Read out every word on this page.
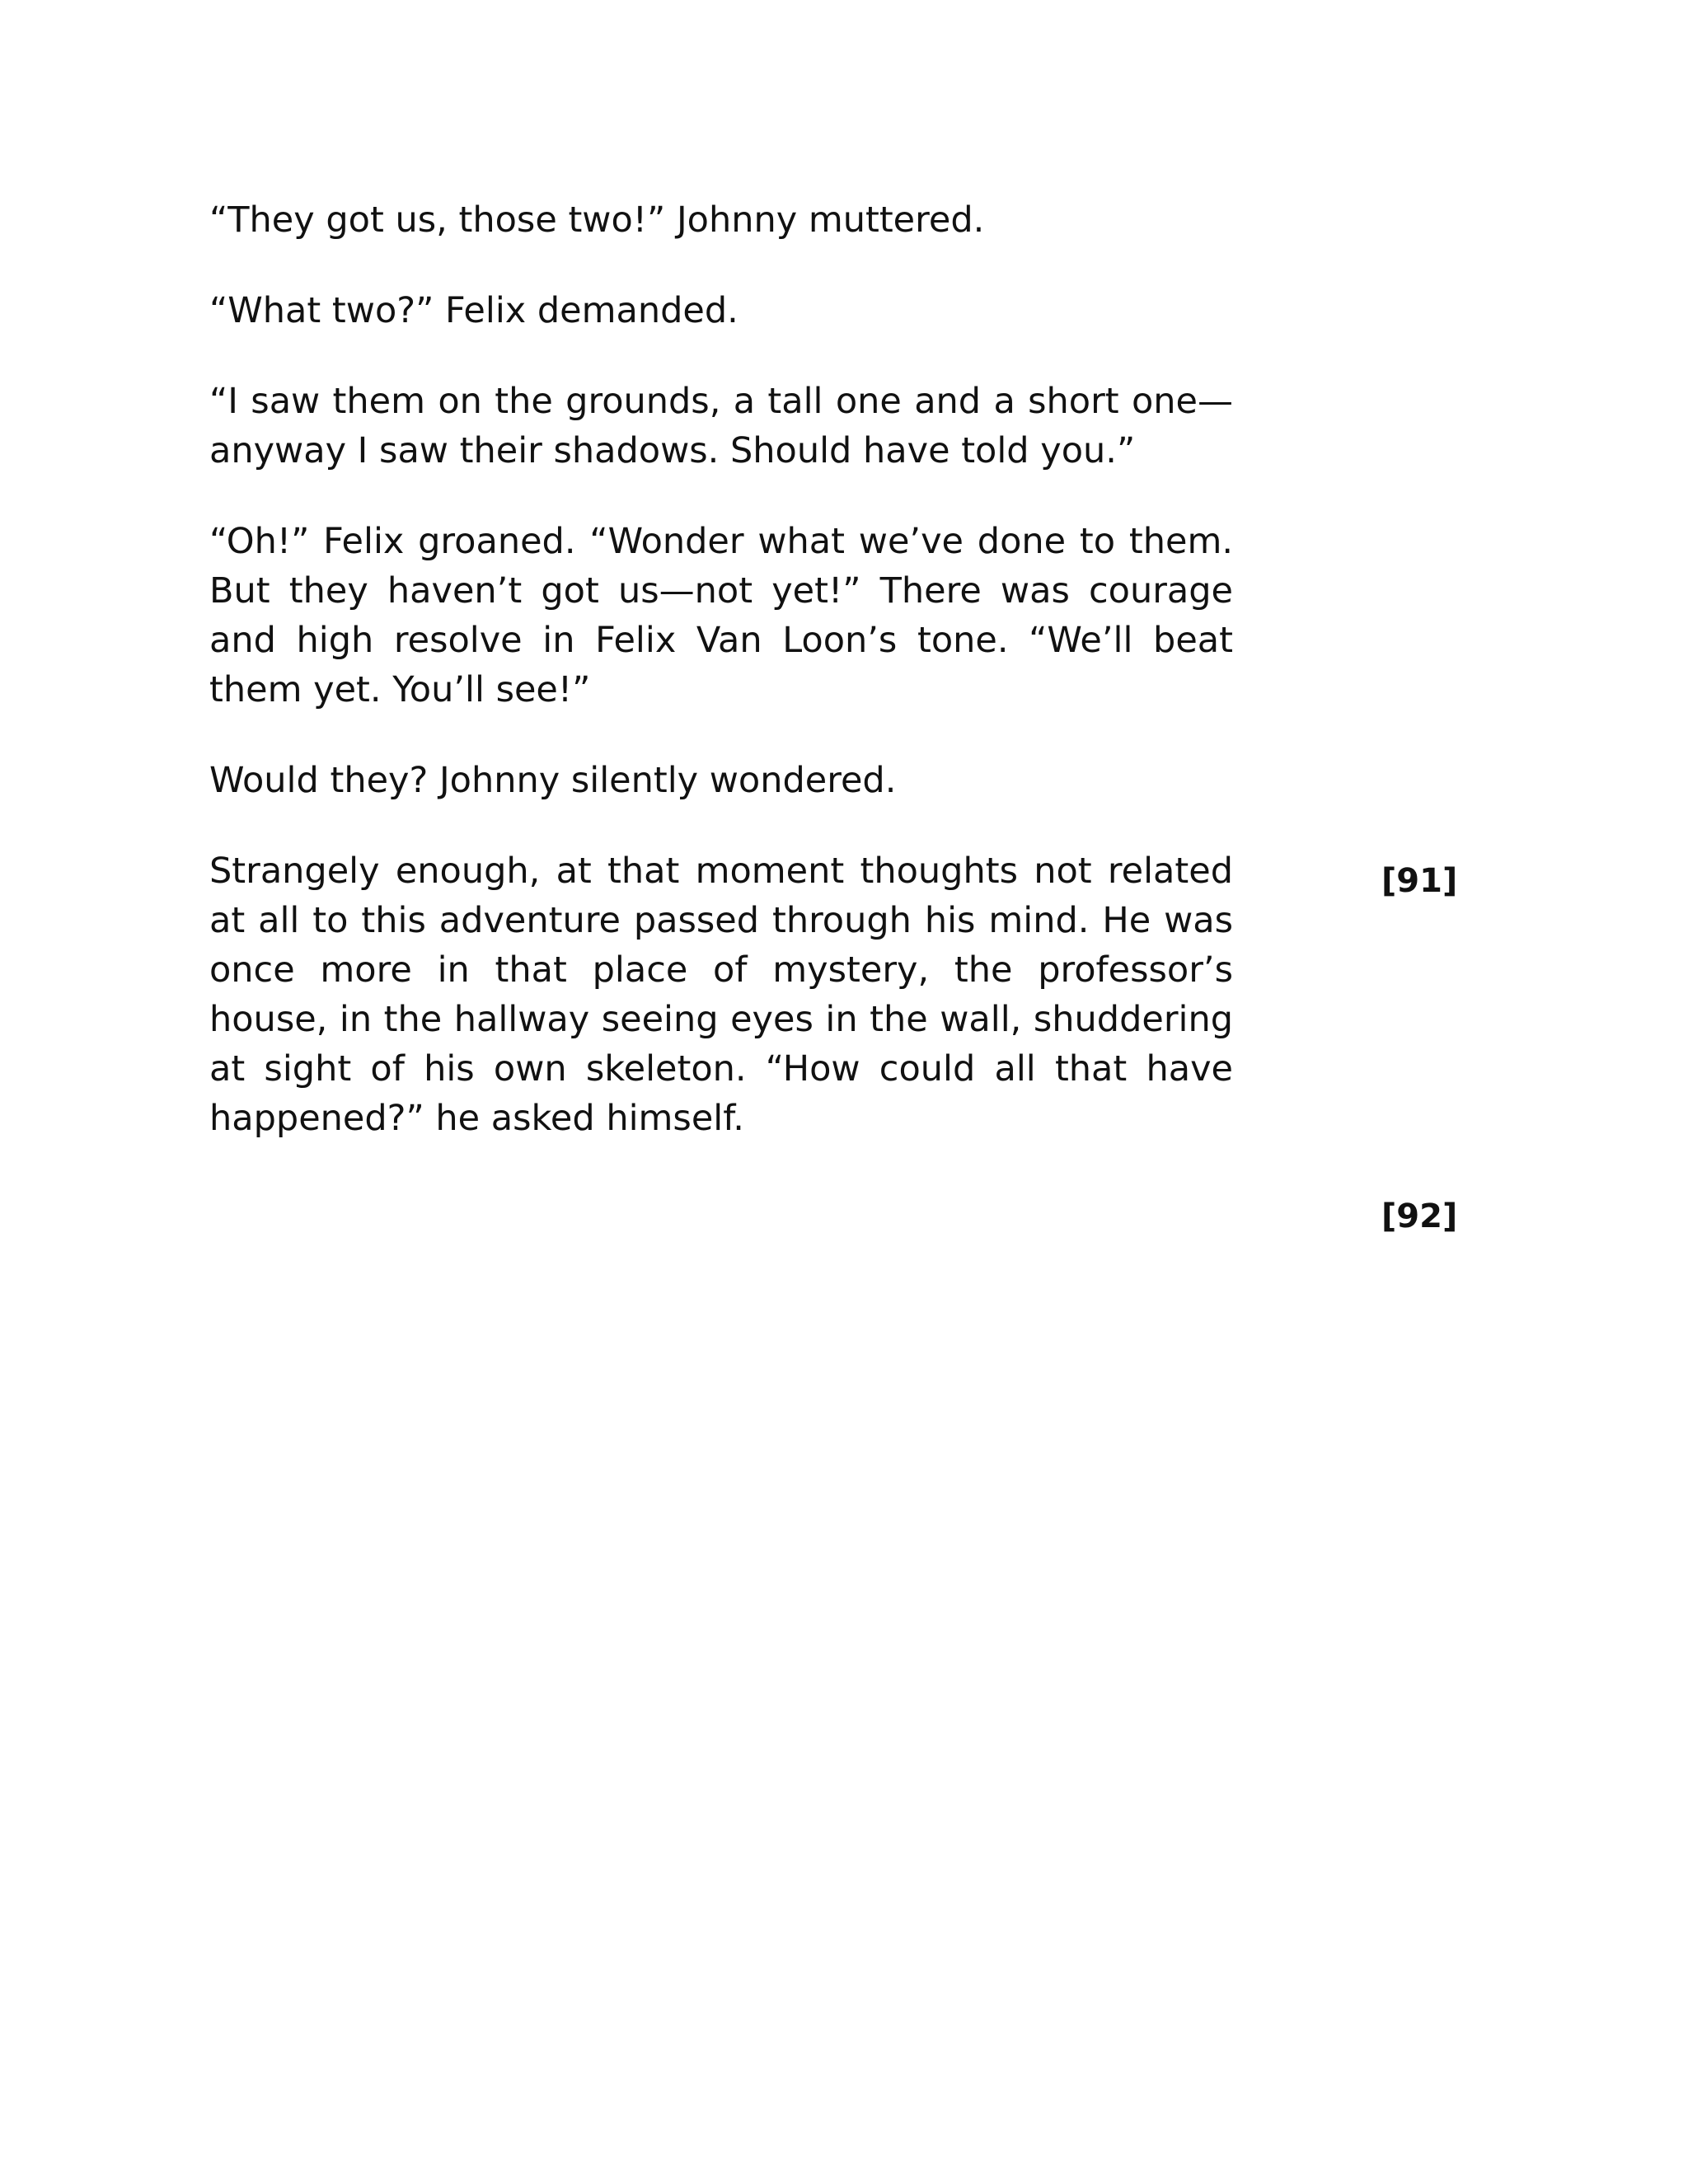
“They got us, those two!” Johnny muttered.

“What two?” Felix demanded.

“I saw them on the grounds, a tall one and a short one—anyway I saw their shadows. Should have told you.”

“Oh!” Felix groaned. “Wonder what we’ve done to them. But they haven’t got us—not yet!” There was courage and high resolve in Felix Van Loon’s tone. “We’ll beat them yet. You’ll see!”

Would they? Johnny silently wondered.

Strangely enough, at that moment thoughts not related at all to this adventure passed through his mind. He was once more in that place of mystery, the professor’s house, in the hallway seeing eyes in the wall, shuddering at sight of his own skeleton. “How could all that have happened?” he asked himself.

[91]
[92]
